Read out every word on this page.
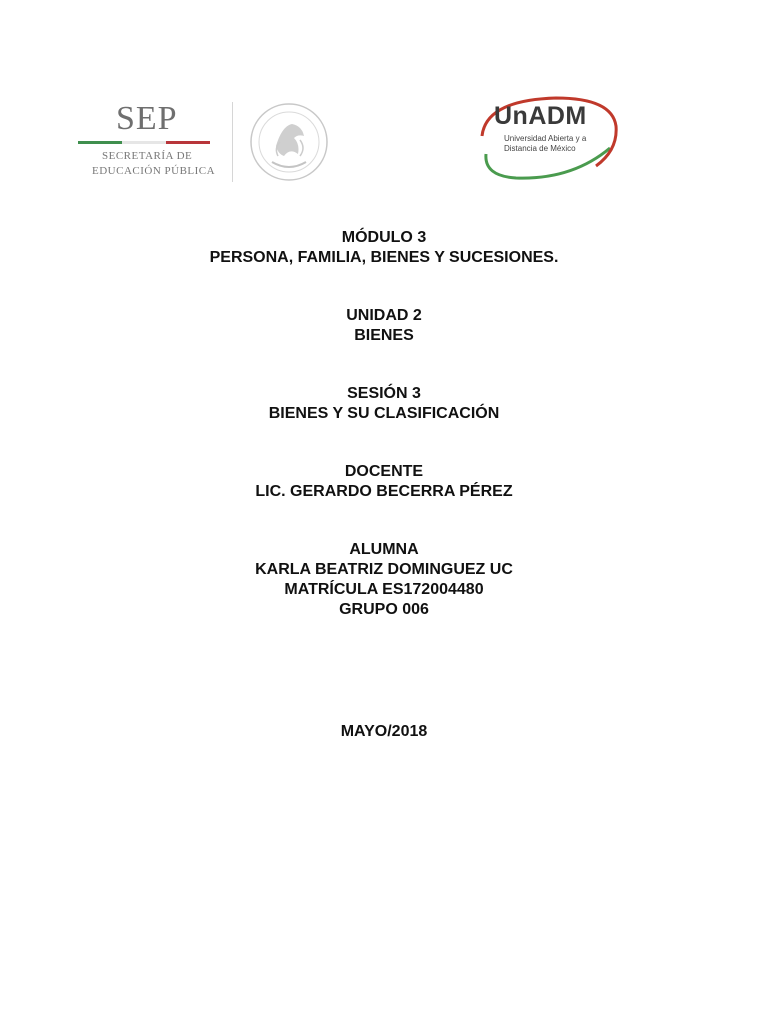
SEP
SECRETARÍA DE
EDUCACIÓN PÚBLICA
UnADM
Universidad Abierta y a
Distancia de México
MÓDULO 3
PERSONA, FAMILIA, BIENES Y SUCESIONES.
UNIDAD 2
BIENES
SESIÓN 3
BIENES Y SU CLASIFICACIÓN
DOCENTE
LIC. GERARDO BECERRA PÉREZ
ALUMNA
KARLA BEATRIZ DOMINGUEZ UC
MATRÍCULA ES172004480
GRUPO 006
MAYO/2018
